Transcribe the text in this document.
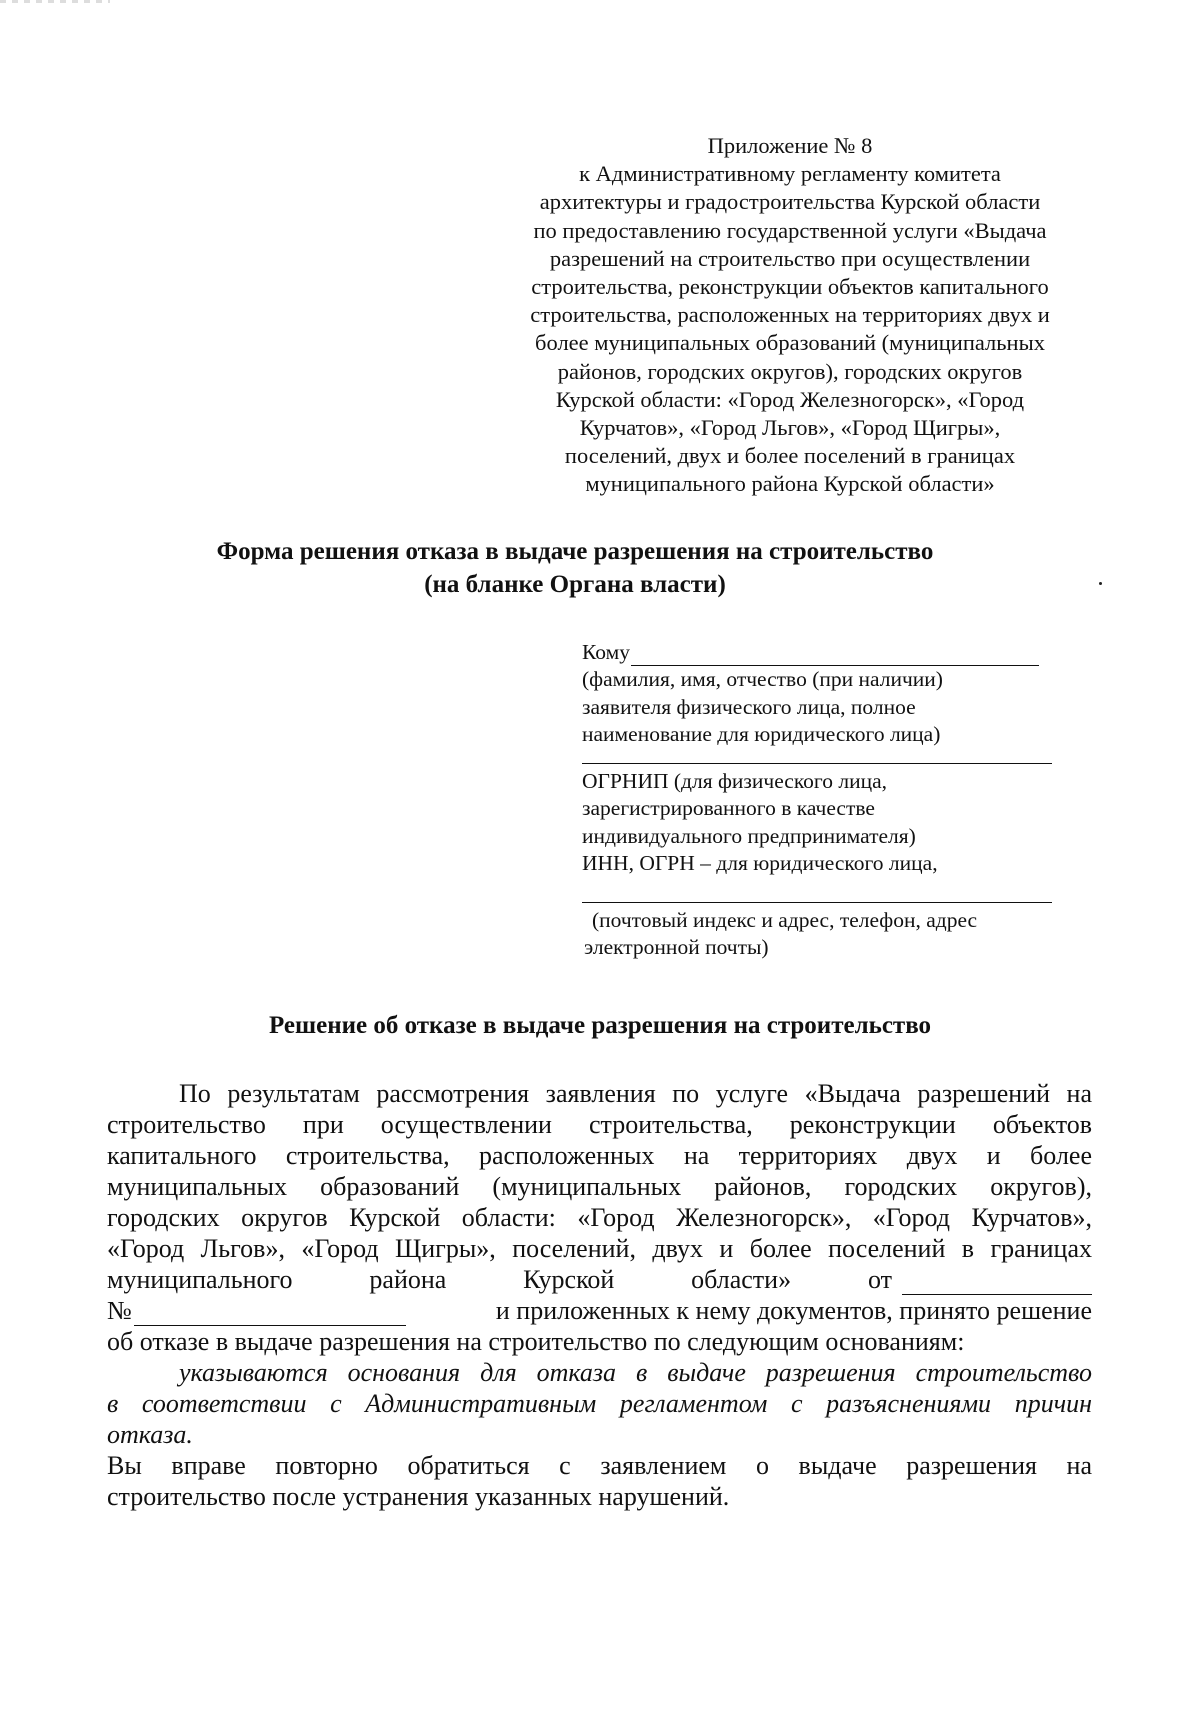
Приложение № 8
к Административному регламенту комитета
архитектуры и градостроительства Курской области
по предоставлению государственной услуги «Выдача
разрешений на строительство при осуществлении
строительства, реконструкции объектов капитального
строительства, расположенных на территориях двух и
более муниципальных образований (муниципальных
районов, городских округов), городских округов
Курской области: «Город Железногорск», «Город
Курчатов», «Город Льгов», «Город Щигры»,
поселений, двух и более поселений в границах
муниципального района Курской области»
Форма решения отказа в выдаче разрешения на строительство
(на бланке Органа власти)
Кому
(фамилия, имя, отчество (при наличии)
заявителя физического лица, полное
наименование для юридического лица)
ОГРНИП (для физического лица,
зарегистрированного в качестве
индивидуального предпринимателя)
ИНН, ОГРН – для юридического лица,
(почтовый индекс и адрес, телефон, адрес
электронной почты)
Решение об отказе в выдаче разрешения на строительство
По результатам рассмотрения заявления по услуге «Выдача разрешений на
строительство при осуществлении строительства, реконструкции объектов
капитального строительства, расположенных на территориях двух и более
муниципальных образований (муниципальных районов, городских округов),
городских округов Курской области: «Город Железногорск», «Город Курчатов»,
«Город Льгов», «Город Щигры», поселений, двух и более поселений в границах
муниципального	района	Курской	области»	от
№	и приложенных к нему документов, принято решение
об отказе в выдаче разрешения на строительство по следующим основаниям:
указываются основания для отказа в выдаче разрешения строительство
в соответствии с Административным регламентом с разъяснениями причин
отказа.
Вы вправе повторно обратиться с заявлением о выдаче разрешения на
строительство после устранения указанных нарушений.
